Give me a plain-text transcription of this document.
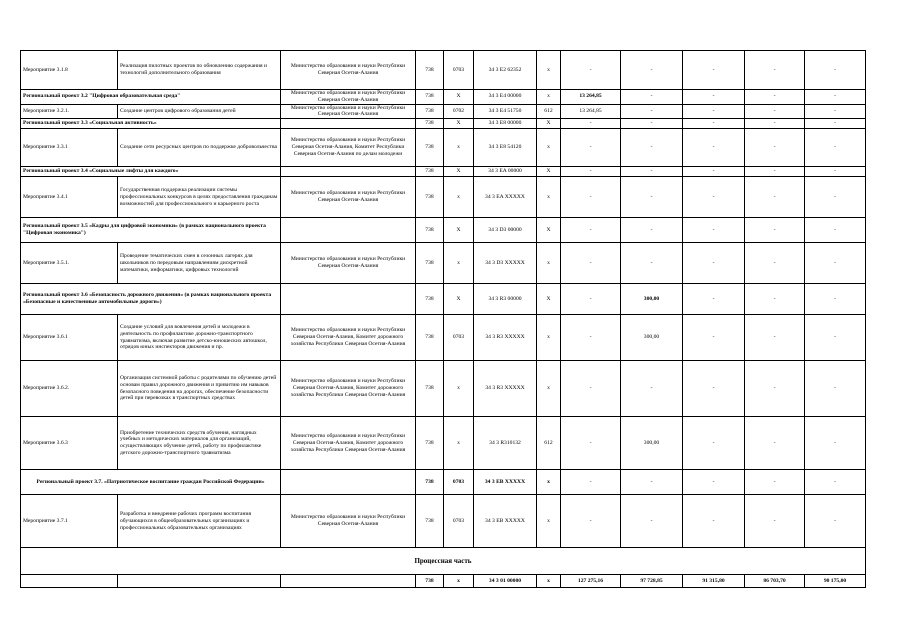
Мероприятие 3.1.8	Реализация пилотных проектов по обновлению содержания и технологий дополнительного образования	Министерство образования и науки Республики Северная Осетия-Алания	738	0703	34 3 E2 62352	х	-	-	-	-	-
Региональный проект 3.2 "Цифровая образовательная среда"		Министерство образования и науки Республики Северная Осетия-Алания	738	Х	34 3 E4 00000	х	13 264,85	-	-	-	-
Мероприятие 3.2.1.	Создание центров цифрового образования детей	Министерство образования и науки Республики Северная Осетия-Алания	738	0702	34 3 E4 51750	612	13 264,85	-	-	-	-
Региональный проект 3.3 «Социальная активность»			738	Х	34 3 E8 00000	Х	-	-	-	-	-
Мероприятие 3.3.1	Создание сети ресурсных центров по поддержке добровольчества	Министерство образования и науки Республики Северная Осетия-Алания, Комитет Республики Северная Осетия-Алания по делам молодежи	738	х	34 3 E8 54120	х	-	-	-	-	-
Региональный проект 3.4 «Социальные лифты для каждого»			738	Х	34 3 EA 00000	Х	-	-	-	-	-
Мероприятие 3.4.1	Государственная поддержка реализации системы профессиональных конкурсов в целях предоставления гражданам возможностей для профессионального и карьерного роста	Министерство образования и науки Республики Северная Осетия-Алания	738	х	34 3 EA XXXXX	х	-	-	-	-	-
Региональный проект 3.5 «Кадры для цифровой экономики» (в рамках национального проекта "Цифровая экономика")			738	Х	34 3 D3 00000	Х	-	-	-	-	-
Мероприятие 3.5.1.	Проведение тематических смен в сезонных лагерях для школьников по передовым направлениям дискретной математики, информатики, цифровых технологий	Министерство образования и науки Республики Северная Осетия-Алания	738	х	34 3 D3 XXXXX	х	-	-	-	-	-
Региональный проект 3.6 «Безопасность дорожного движения» (в рамках национального проекта «Безопасные и качественные автомобильные дороги»)			738	Х	34 3 R3 00000	Х	-	300,00	-	-	-
Мероприятие 3.6.1	Создание условий для вовлечения детей и молодежи в деятельность по профилактике дорожно-транспортного травматизма, включая развитие детско-юношеских автошкол, отрядов юных инспекторов движения и пр.	Министерство образования и науки Республики Северная Осетия-Алания, Комитет дорожного хозяйства Республики Северная Осетия-Алания	738	0703	34 3 R3 XXXXX	х	-	300,00	-	-	-
Мероприятие 3.6.2.	Организация системной работы с родителями по обучению детей основам правил дорожного движения и привитию им навыков безопасного поведения на дорогах, обеспечение безопасности детей при перевозках в транспортных средствах	Министерство образования и науки Республики Северная Осетия-Алания, Комитет дорожного хозяйства Республики Северная Осетия-Алания	738	х	34 3 R3 XXXXX	х	-	-	-	-	-
Мероприятие 3.6.3	Приобретение технических средств обучения, наглядных учебных и методических материалов для организаций, осуществляющих обучение детей, работу по профилактике детского дорожно-транспортного травматизма	Министерство образования и науки Республики Северная Осетия-Алания, Комитет дорожного хозяйства Республики Северная Осетия-Алания	738	х	34 3 R310132	612	-	300,00	-	-	-
Региональный проект 3.7. «Патриотическое воспитание граждан Российской Федерации»			738	0703	34 3 EВ XXXXX	х	-	-	-	-	-
Мероприятие 3.7.1	Разработка и внедрение рабочих программ воспитания обучающихся в общеобразовательных организациях и профессиональных образовательных организациях	Министерство образования и науки Республики Северная Осетия-Алания	738	0703	34 3 EВ XXXXX	х	-	-	-	-	-
Процессная часть											
			738	х	34 3 01 00000	х	127 275,16	97 728,85	91 315,80	86 703,70	90 175,00
